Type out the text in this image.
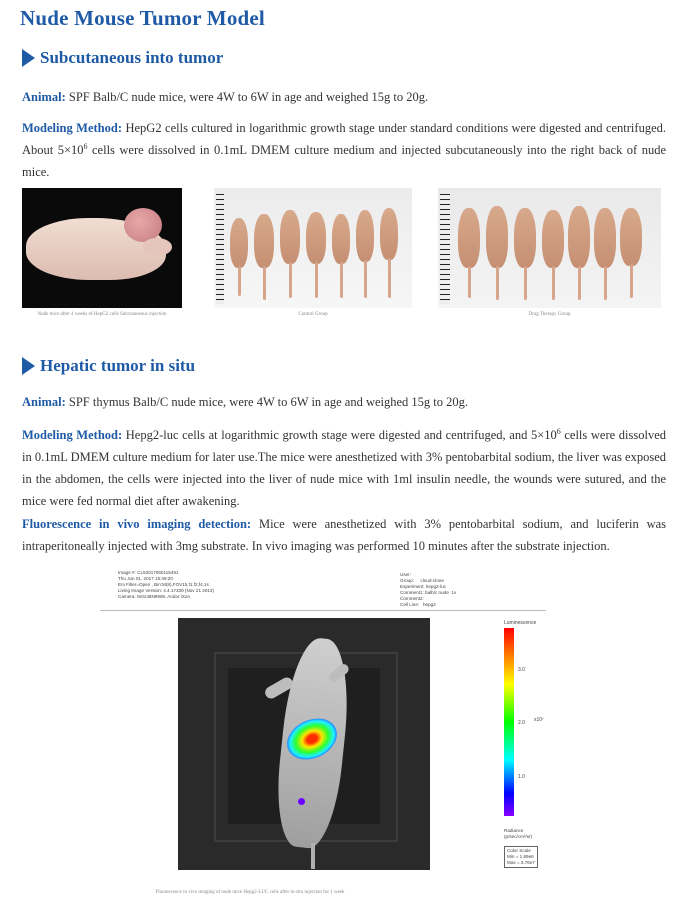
Nude Mouse Tumor Model
Subcutaneous into tumor
Animal: SPF Balb/C nude mice, were 4W to 6W in age and weighed 15g to 20g.
Modeling Method: HepG2 cells cultured in logarithmic growth stage under standard conditions were digested and centrifuged. About $5\times 10^6$ cells were dissolved in 0.1mL DMEM culture medium and injected subcutaneously into the right back of nude mice.
Nude mice after 4 weeks of HepG2 cells Subcutaneous injection	Control Group	Drug Therapy Group
Hepatic tumor in situ
Animal: SPF thymus Balb/C nude mice, were 4W to 6W in age and weighed 15g to 20g.
Modeling Method: Hepg2-luc cells at logarithmic growth stage were digested and centrifuged, and $5\times 10^6$ cells were dissolved in 0.1mL DMEM culture medium for later use.The mice were anesthetized with 3% pentobarbital sodium, the liver was exposed in the abdomen, the cells were injected into the liver of nude mice with 1ml insulin needle, the wounds were sutured, and the mice were fed normal diet after awakening.
Fluorescence in vivo imaging detection: Mice were anesthetized with 3% pentobarbital sodium, and luciferin was intraperitoneally injected with 3mg substrate. In vivo imaging was performed 10 minutes after the substrate injection.
Image #: CL52017060115491
Thu Jun 01, 2017 15:49:20
Em Filter=Open , Bin:M(8),FOV15,f1,f2,f4,1s
Living Image Version: 4.4.17339 (Nov 21 2013)
Camera: IS0148N9908, Andor iXon
User:
Group:     cloud-clone
Experiment: hepg2-luc
Comment1: balb/c nude  1v
Comment2:
Cell Line:   hepg2
Luminescence
3.0
2.0 x10⁷
1.0
Radiance
(p/sec/cm²/sr)
Color Scale
Min = 1.89e6
Max = 3.76e7
Fluorescence in vivo imaging of nude mice Hepg2-LUC cells after in-situ injection for 1 week
